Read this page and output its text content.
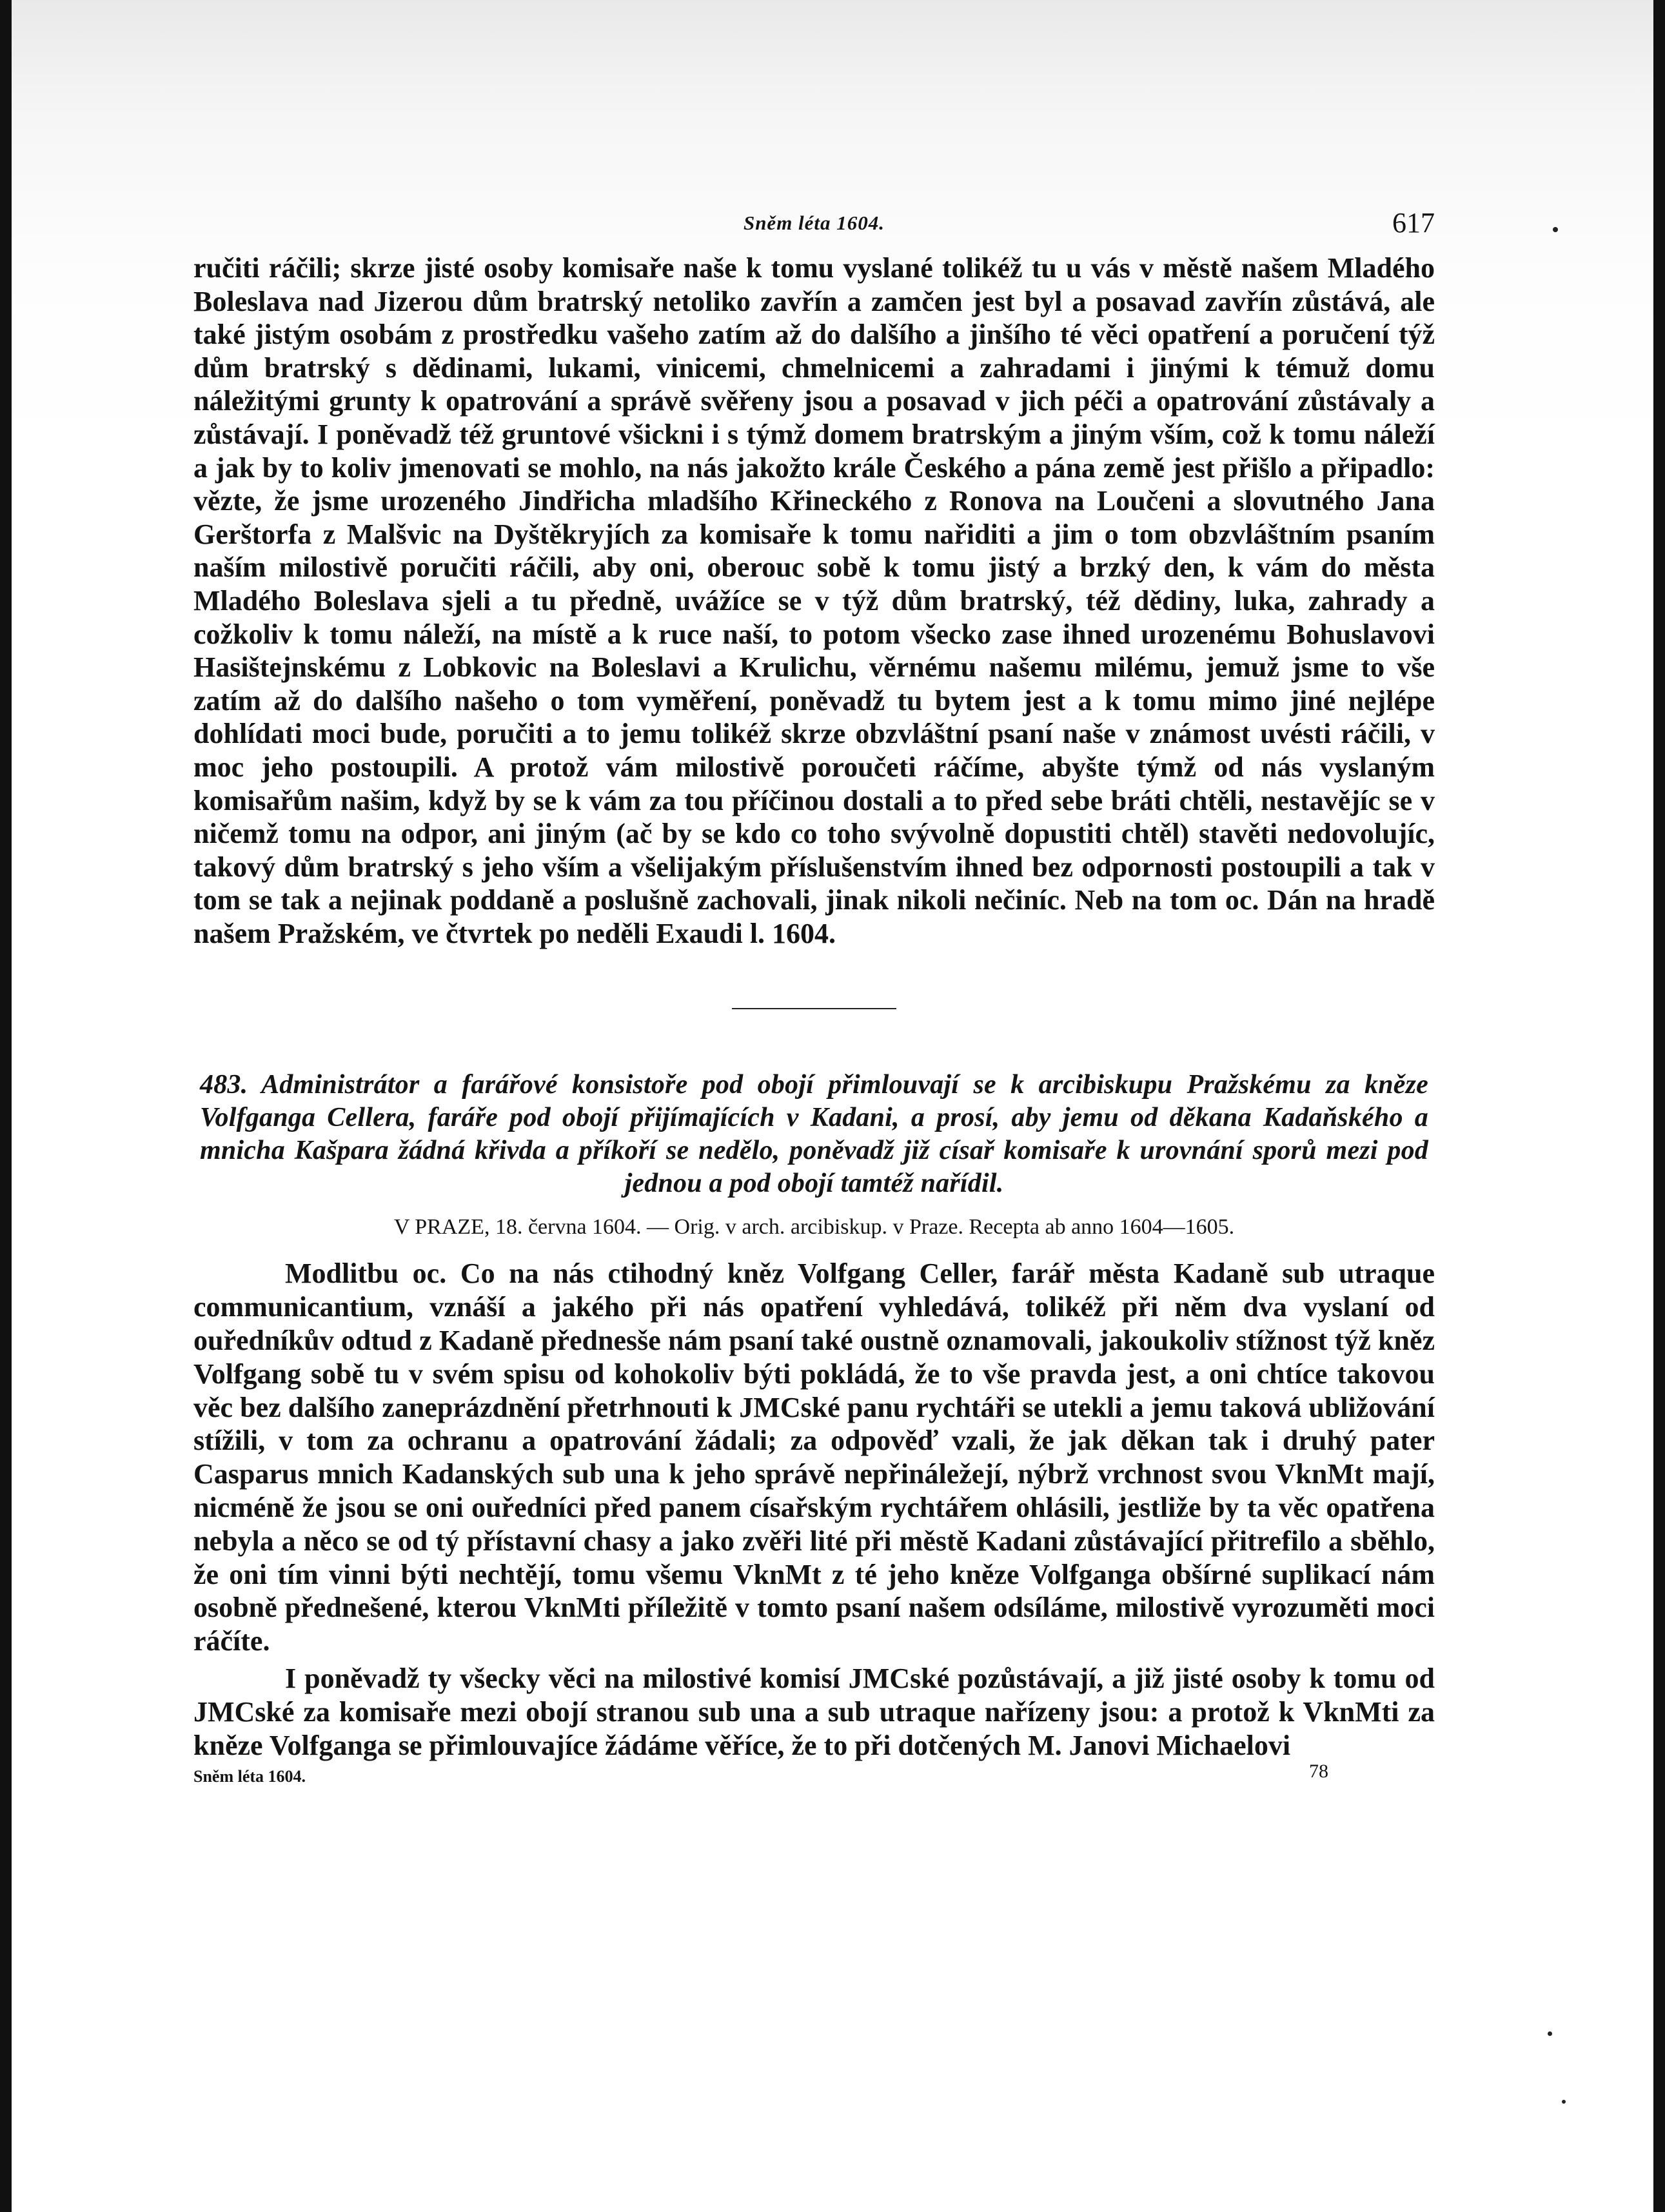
Sněm léta 1604.	617

ručiti ráčili; skrze jisté osoby komisaře naše k tomu vyslané tolikéž tu u vás v městě našem Mladého Boleslava nad Jizerou dům bratrský netoliko zavřín a zamčen jest byl a posavad zavřín zůstává, ale také jistým osobám z prostředku vašeho zatím až do dalšího a jinšího té věci opatření a poručení týž dům bratrský s dědinami, lukami, vinicemi, chmelnicemi a zahradami i jinými k témuž domu náležitými grunty k opatrování a správě svěřeny jsou a posavad v jich péči a opatrování zůstávaly a zůstávají. I poněvadž též gruntové všickni i s týmž domem bratrským a jiným vším, což k tomu náleží a jak by to koliv jmenovati se mohlo, na nás jakožto krále Českého a pána země jest přišlo a připadlo: vězte, že jsme urozeného Jindřicha mladšího Křineckého z Ronova na Loučeni a slovutného Jana Gerštorfa z Malšvic na Dyštěkryjích za komisaře k tomu nařiditi a jim o tom obzvláštním psaním naším milostivě poručiti ráčili, aby oni, oberouc sobě k tomu jistý a brzký den, k vám do města Mladého Boleslava sjeli a tu předně, uvážíce se v týž dům bratrský, též dědiny, luka, zahrady a cožkoliv k tomu náleží, na místě a k ruce naší, to potom všecko zase ihned urozenému Bohuslavovi Hasištejnskému z Lobkovic na Boleslavi a Krulichu, věrnému našemu milému, jemuž jsme to vše zatím až do dalšího našeho o tom vyměření, poněvadž tu bytem jest a k tomu mimo jiné nejlépe dohlídati moci bude, poručiti a to jemu tolikéž skrze obzvláštní psaní naše v známost uvésti ráčili, v moc jeho postoupili. A protož vám milostivě poroučeti ráčíme, abyšte týmž od nás vyslaným komisařům našim, když by se k vám za tou příčinou dostali a to před sebe bráti chtěli, nestavějíc se v ničemž tomu na odpor, ani jiným (ač by se kdo co toho svývolně dopustiti chtěl) stavěti nedovolujíc, takový dům bratrský s jeho vším a všelijakým příslušenstvím ihned bez odpornosti postoupili a tak v tom se tak a nejinak poddaně a poslušně zachovali, jinak nikoli nečiníc. Neb na tom oc. Dán na hradě našem Pražském, ve čtvrtek po neděli Exaudi l. 1604.

483. Administrátor a farářové konsistoře pod obojí přimlouvají se k arcibiskupu Pražskému za kněze Volfganga Cellera, faráře pod obojí přijímajících v Kadani, a prosí, aby jemu od děkana Kadaňského a mnicha Kašpara žádná křivda a příkoří se nedělo, poněvadž již císař komisaře k urovnání sporů mezi pod jednou a pod obojí tamtéž nařídil.

V PRAZE, 18. června 1604. — Orig. v arch. arcibiskup. v Praze. Recepta ab anno 1604—1605.

Modlitbu oc. Co na nás ctihodný kněz Volfgang Celler, farář města Kadaně sub utraque communicantium, vznáší a jakého při nás opatření vyhledává, tolikéž při něm dva vyslaní od ouředníkův odtud z Kadaně přednesše nám psaní také oustně oznamovali, jakoukoliv stížnost týž kněz Volfgang sobě tu v svém spisu od kohokoliv býti pokládá, že to vše pravda jest, a oni chtíce takovou věc bez dalšího zaneprázdnění přetrhnouti k JMCské panu rychtáři se utekli a jemu taková ubližování stížili, v tom za ochranu a opatrování žádali; za odpověď vzali, že jak děkan tak i druhý pater Casparus mnich Kadanských sub una k jeho správě nepřináležejí, nýbrž vrchnost svou VknMt mají, nicméně že jsou se oni ouředníci před panem císařským rychtářem ohlásili, jestliže by ta věc opatřena nebyla a něco se od tý přístavní chasy a jako zvěři lité při městě Kadani zůstávající přitrefilo a sběhlo, že oni tím vinni býti nechtějí, tomu všemu VknMt z té jeho kněze Volfganga obšírné suplikací nám osobně přednešené, kterou VknMti příležitě v tomto psaní našem odsíláme, milostivě vyrozuměti moci ráčíte.

I poněvadž ty všecky věci na milostivé komisí JMCské pozůstávají, a již jisté osoby k tomu od JMCské za komisaře mezi obojí stranou sub una a sub utraque nařízeny jsou: a protož k VknMti za kněze Volfganga se přimlouvajíce žádáme věříce, že to při dotčených M. Janovi Michaelovi

Sněm léta 1604.	78
